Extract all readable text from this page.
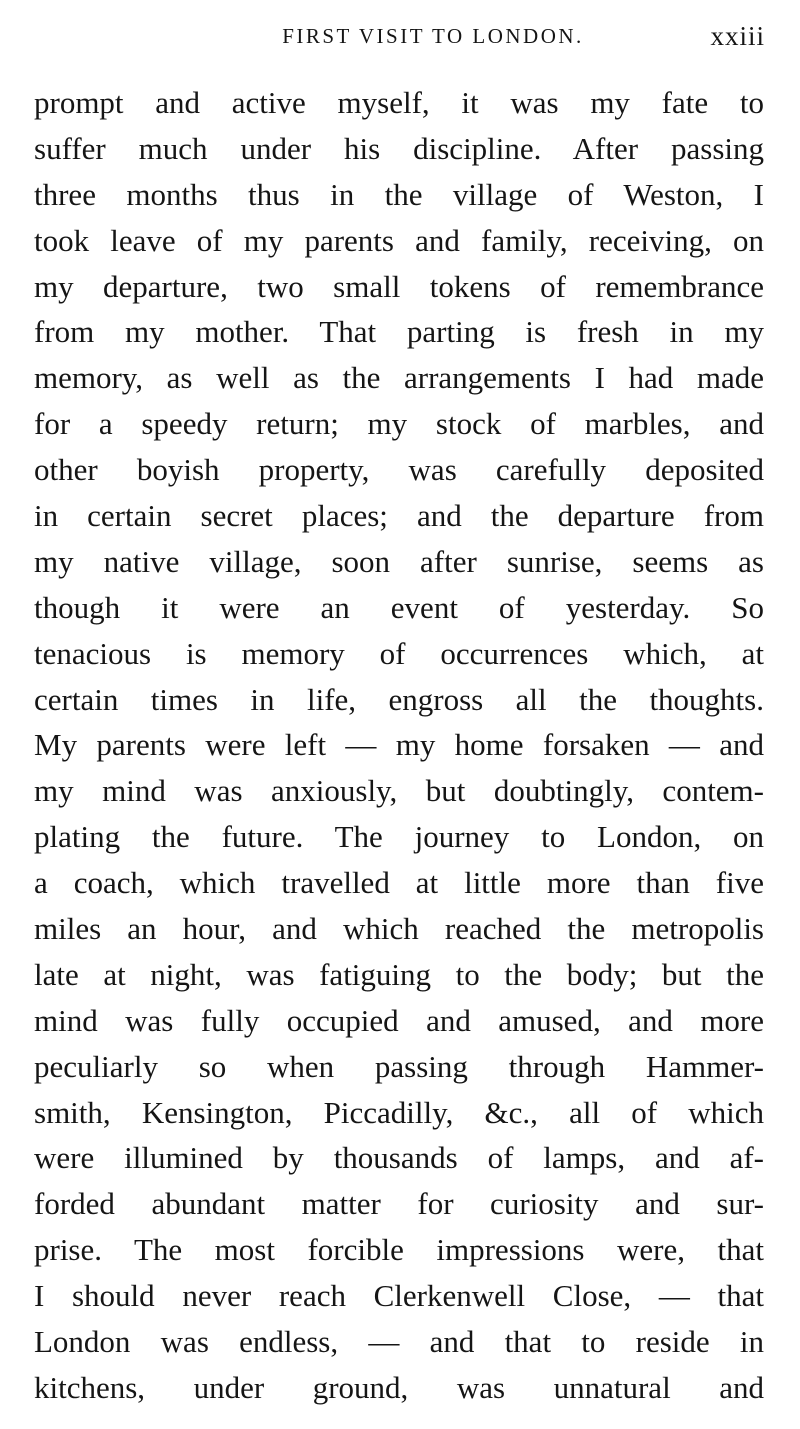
FIRST VISIT TO LONDON.	xxiii
prompt and active myself, it was my fate to
suffer much under his discipline. After passing
three months thus in the village of Weston, I
took leave of my parents and family, receiving, on
my departure, two small tokens of remembrance
from my mother. That parting is fresh in my
memory, as well as the arrangements I had made
for a speedy return; my stock of marbles, and
other boyish property, was carefully deposited
in certain secret places; and the departure from
my native village, soon after sunrise, seems as
though it were an event of yesterday. So
tenacious is memory of occurrences which, at
certain times in life, engross all the thoughts.
My parents were left — my home forsaken — and
my mind was anxiously, but doubtingly, contem-
plating the future. The journey to London, on
a coach, which travelled at little more than five
miles an hour, and which reached the metropolis
late at night, was fatiguing to the body; but the
mind was fully occupied and amused, and more
peculiarly so when passing through Hammer-
smith, Kensington, Piccadilly, &c., all of which
were illumined by thousands of lamps, and af-
forded abundant matter for curiosity and sur-
prise. The most forcible impressions were, that
I should never reach Clerkenwell Close, — that
London was endless, — and that to reside in
kitchens, under ground, was unnatural and
